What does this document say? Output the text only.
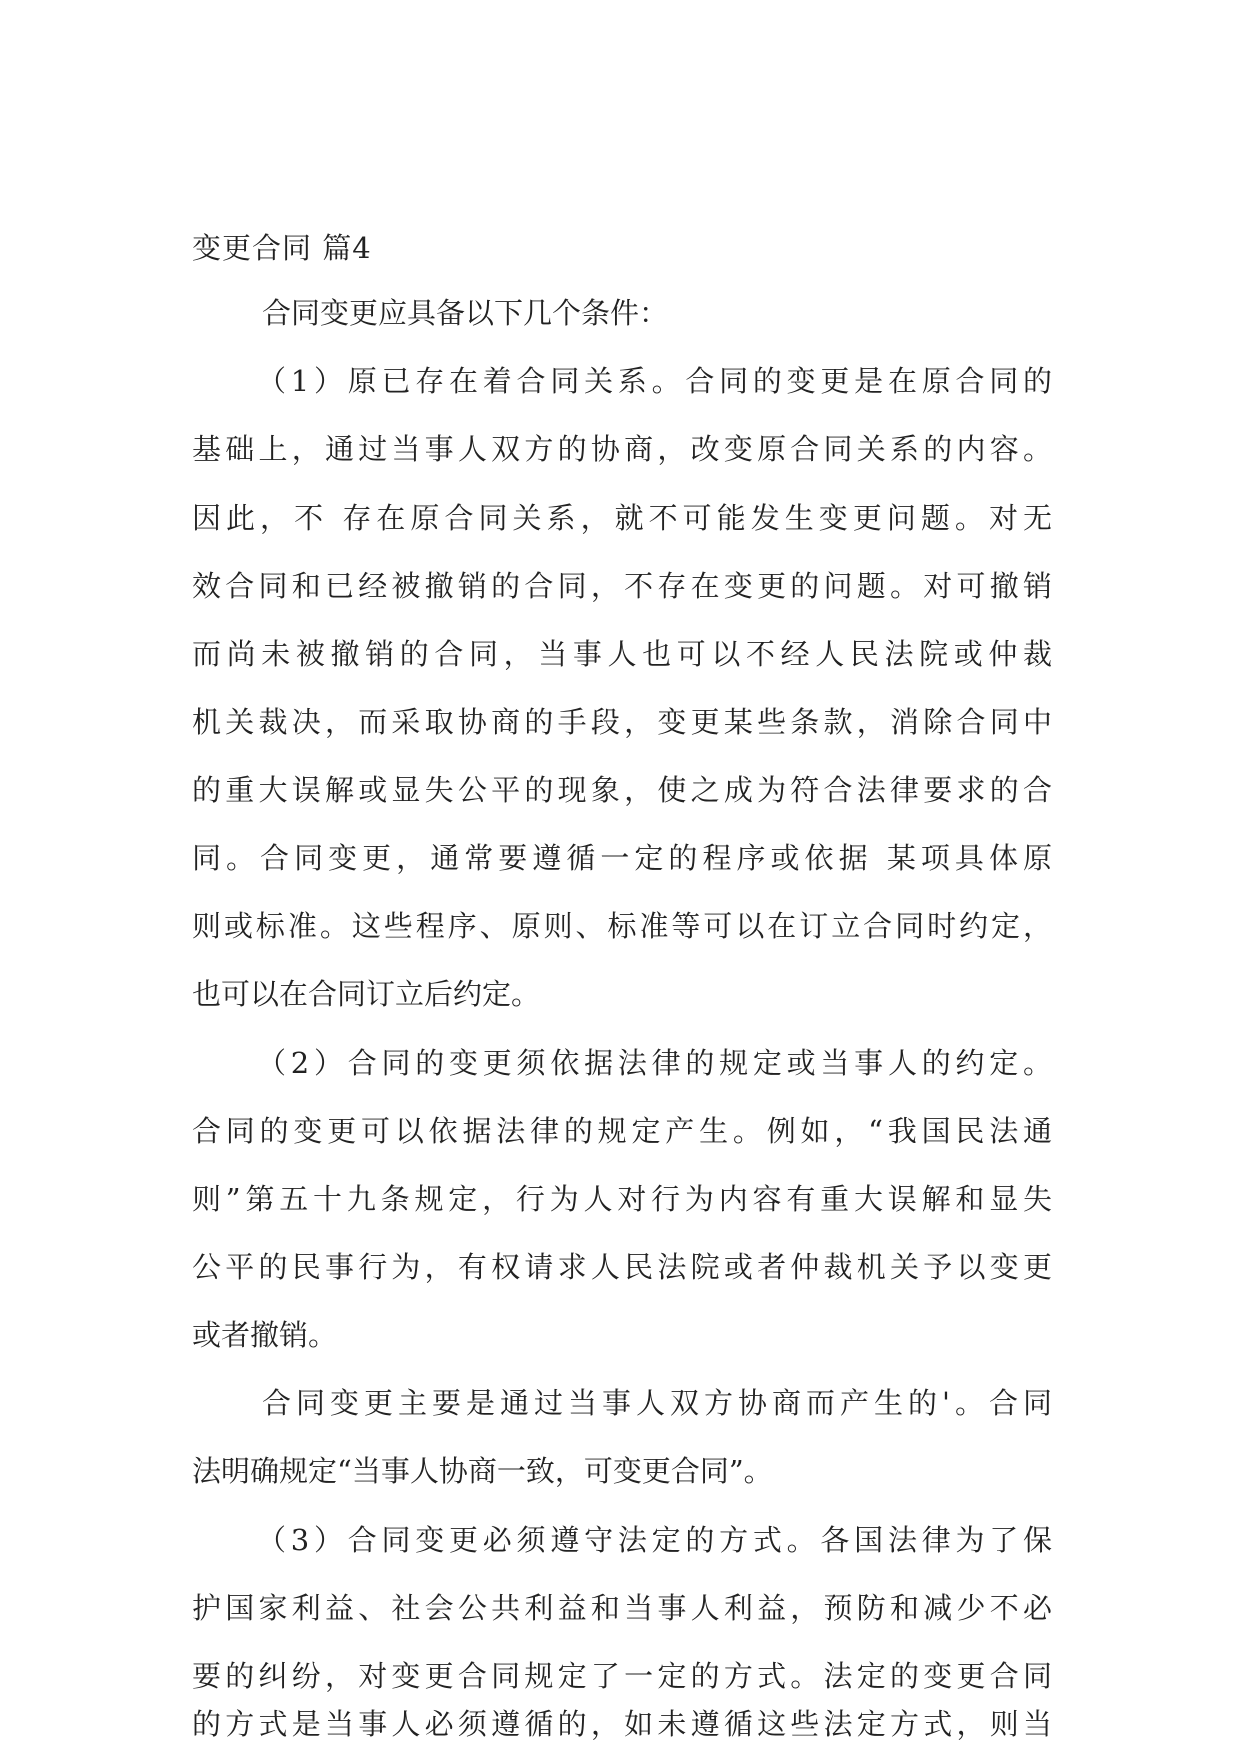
变更合同 篇4
合同变更应具备以下几个条件：
（1）原已存在着合同关系。合同的变更是在原合同的
基础上，通过当事人双方的协商，改变原合同关系的内容。
因此，不 存在原合同关系，就不可能发生变更问题。对无
效合同和已经被撤销的合同，不存在变更的问题。对可撤销
而尚未被撤销的合同，当事人也可以不经人民法院或仲裁
机关裁决，而采取协商的手段，变更某些条款，消除合同中
的重大误解或显失公平的现象，使之成为符合法律要求的合
同。合同变更，通常要遵循一定的程序或依据 某项具体原
则或标准。这些程序、原则、标准等可以在订立合同时约定，
也可以在合同订立后约定。
（2）合同的变更须依据法律的规定或当事人的约定。
合同的变更可以依据法律的规定产生。例如，“我国民法通
则”第五十九条规定，行为人对行为内容有重大误解和显失
公平的民事行为，有权请求人民法院或者仲裁机关予以变更
或者撤销。
合同变更主要是通过当事人双方协商而产生的'。合同
法明确规定“当事人协商一致，可变更合同”。
（3）合同变更必须遵守法定的方式。各国法律为了保
护国家利益、社会公共利益和当事人利益，预防和减少不必
要的纠纷，对变更合同规定了一定的方式。法定的变更合同
的方式是当事人必须遵循的，如未遵循这些法定方式，则当
